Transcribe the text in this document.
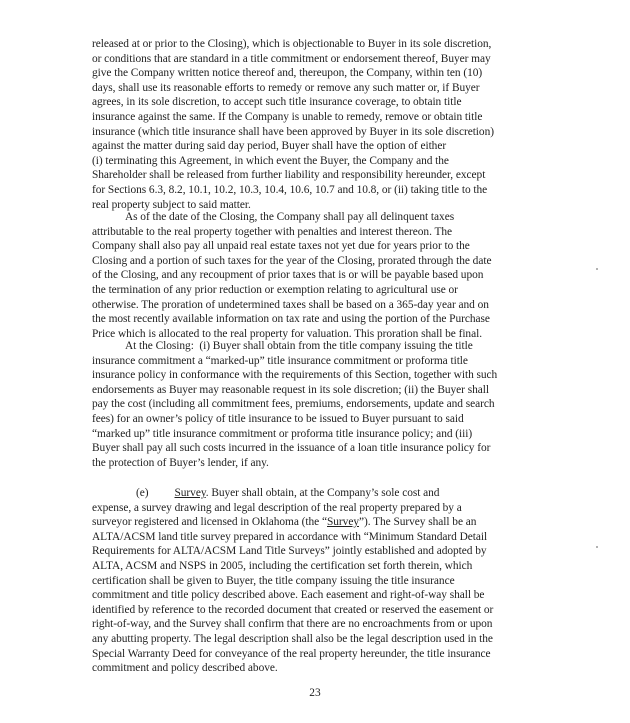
released at or prior to the Closing), which is objectionable to Buyer in its sole discretion,
or conditions that are standard in a title commitment or endorsement thereof, Buyer may
give the Company written notice thereof and, thereupon, the Company, within ten (10)
days, shall use its reasonable efforts to remedy or remove any such matter or, if Buyer
agrees, in its sole discretion, to accept such title insurance coverage, to obtain title
insurance against the same. If the Company is unable to remedy, remove or obtain title
insurance (which title insurance shall have been approved by Buyer in its sole discretion)
against the matter during said day period, Buyer shall have the option of either
(i) terminating this Agreement, in which event the Buyer, the Company and the
Shareholder shall be released from further liability and responsibility hereunder, except
for Sections 6.3, 8.2, 10.1, 10.2, 10.3, 10.4, 10.6, 10.7 and 10.8, or (ii) taking title to the
real property subject to said matter.
As of the date of the Closing, the Company shall pay all delinquent taxes
attributable to the real property together with penalties and interest thereon. The
Company shall also pay all unpaid real estate taxes not yet due for years prior to the
Closing and a portion of such taxes for the year of the Closing, prorated through the date
of the Closing, and any recoupment of prior taxes that is or will be payable based upon
the termination of any prior reduction or exemption relating to agricultural use or
otherwise. The proration of undetermined taxes shall be based on a 365-day year and on
the most recently available information on tax rate and using the portion of the Purchase
Price which is allocated to the real property for valuation. This proration shall be final.
At the Closing:  (i) Buyer shall obtain from the title company issuing the title
insurance commitment a “marked-up” title insurance commitment or proforma title
insurance policy in conformance with the requirements of this Section, together with such
endorsements as Buyer may reasonable request in its sole discretion; (ii) the Buyer shall
pay the cost (including all commitment fees, premiums, endorsements, update and search
fees) for an owner’s policy of title insurance to be issued to Buyer pursuant to said
“marked up” title insurance commitment or proforma title insurance policy; and (iii)
Buyer shall pay all such costs incurred in the issuance of a loan title insurance policy for
the protection of Buyer’s lender, if any.
(e) Survey. Buyer shall obtain, at the Company’s sole cost and
expense, a survey drawing and legal description of the real property prepared by a
surveyor registered and licensed in Oklahoma (the “Survey”). The Survey shall be an
ALTA/ACSM land title survey prepared in accordance with “Minimum Standard Detail
Requirements for ALTA/ACSM Land Title Surveys” jointly established and adopted by
ALTA, ACSM and NSPS in 2005, including the certification set forth therein, which
certification shall be given to Buyer, the title company issuing the title insurance
commitment and title policy described above. Each easement and right-of-way shall be
identified by reference to the recorded document that created or reserved the easement or
right-of-way, and the Survey shall confirm that there are no encroachments from or upon
any abutting property. The legal description shall also be the legal description used in the
Special Warranty Deed for conveyance of the real property hereunder, the title insurance
commitment and policy described above.
23
